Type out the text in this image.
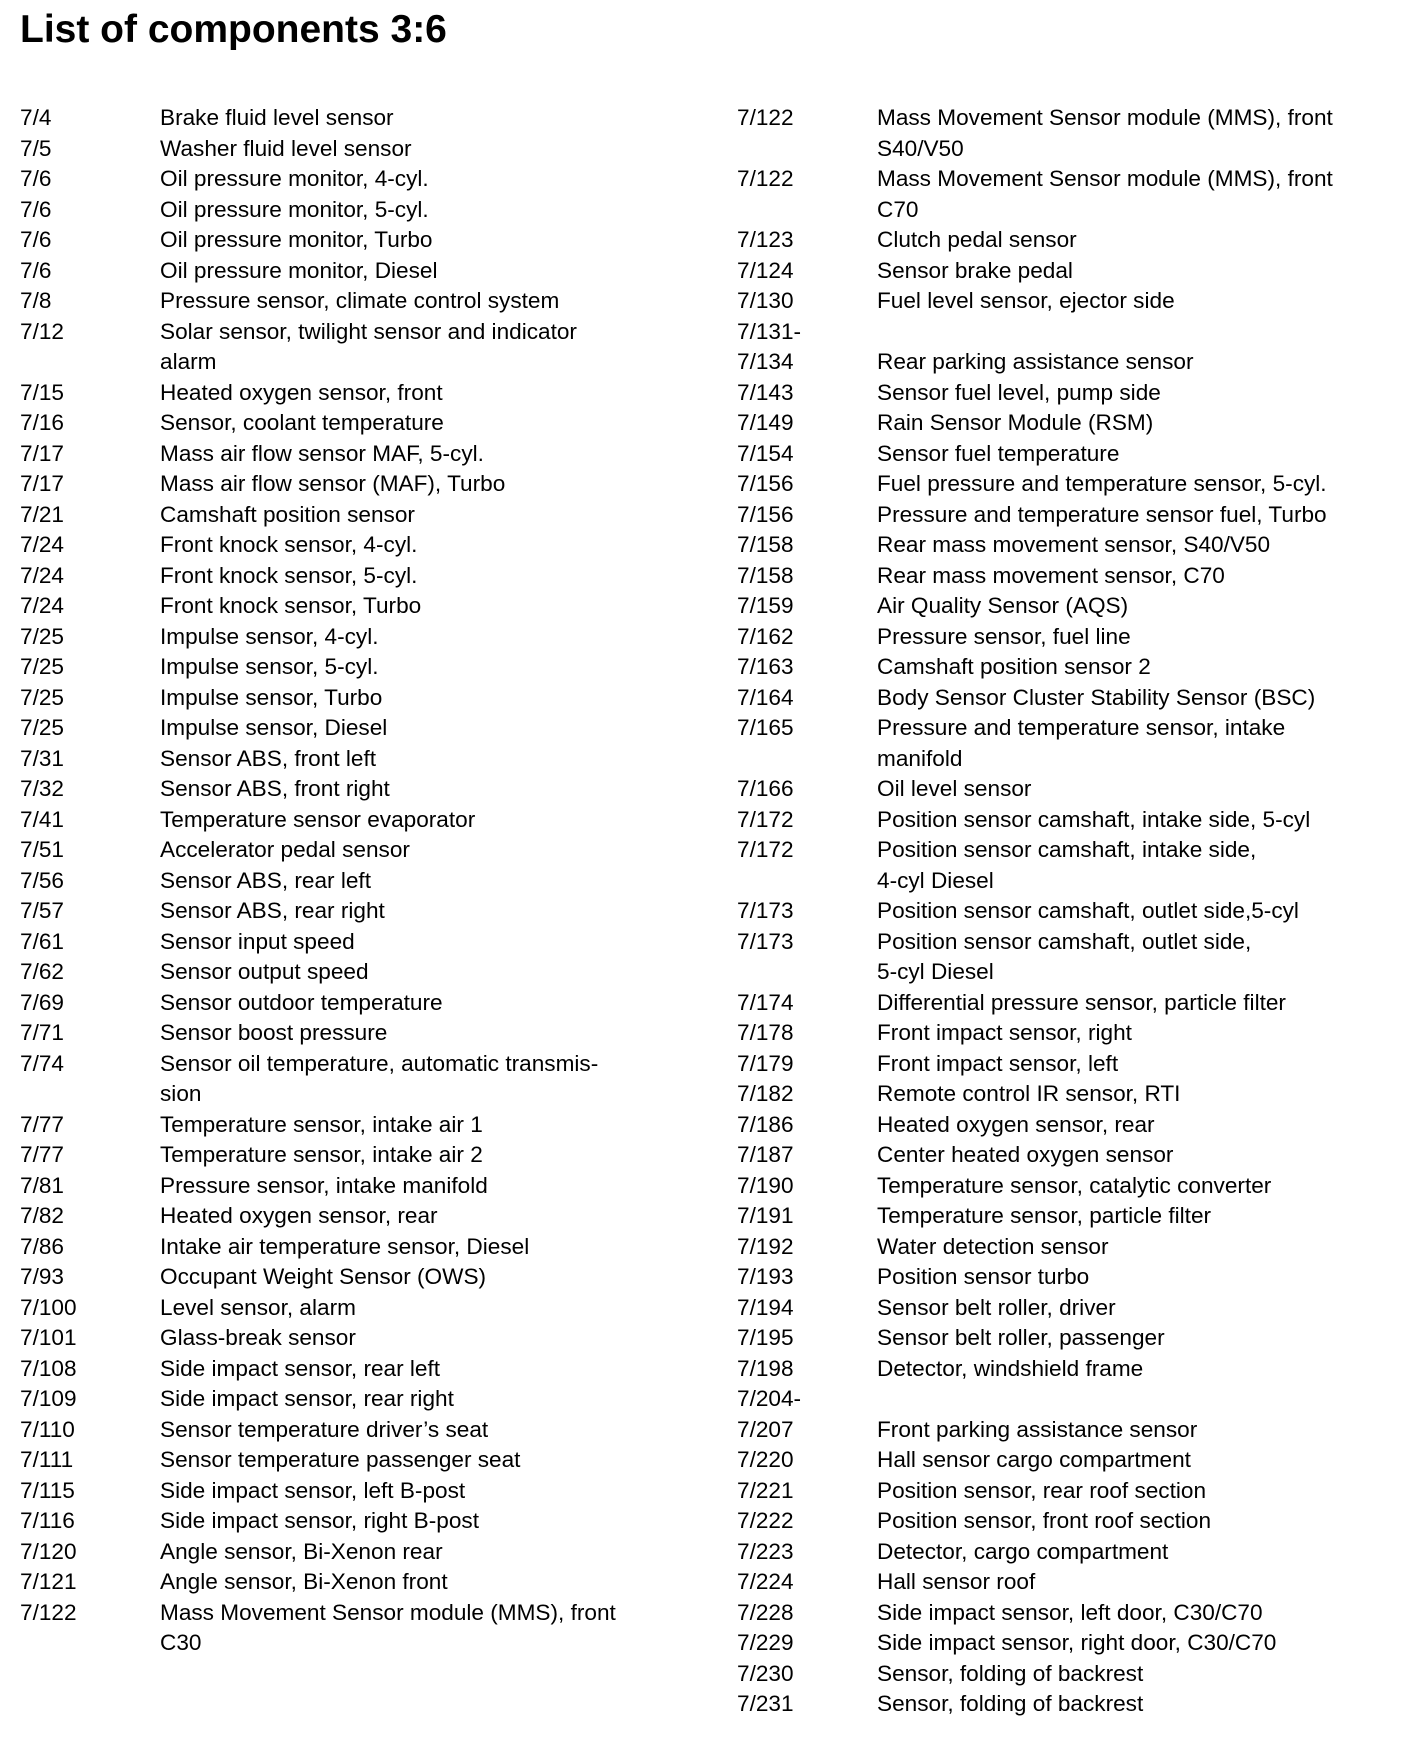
List of components 3:6
7/4	Brake fluid level sensor
7/5	Washer fluid level sensor
7/6	Oil pressure monitor, 4-cyl.
7/6	Oil pressure monitor, 5-cyl.
7/6	Oil pressure monitor, Turbo
7/6	Oil pressure monitor, Diesel
7/8	Pressure sensor, climate control system
7/12	Solar sensor, twilight sensor and indicator
alarm
7/15	Heated oxygen sensor, front
7/16	Sensor, coolant temperature
7/17	Mass air flow sensor MAF, 5-cyl.
7/17	Mass air flow sensor (MAF), Turbo
7/21	Camshaft position sensor
7/24	Front knock sensor, 4-cyl.
7/24	Front knock sensor, 5-cyl.
7/24	Front knock sensor, Turbo
7/25	Impulse sensor, 4-cyl.
7/25	Impulse sensor, 5-cyl.
7/25	Impulse sensor, Turbo
7/25	Impulse sensor, Diesel
7/31	Sensor ABS, front left
7/32	Sensor ABS, front right
7/41	Temperature sensor evaporator
7/51	Accelerator pedal sensor
7/56	Sensor ABS, rear left
7/57	Sensor ABS, rear right
7/61	Sensor input speed
7/62	Sensor output speed
7/69	Sensor outdoor temperature
7/71	Sensor boost pressure
7/74	Sensor oil temperature, automatic transmis-
sion
7/77	Temperature sensor, intake air 1
7/77	Temperature sensor, intake air 2
7/81	Pressure sensor, intake manifold
7/82	Heated oxygen sensor, rear
7/86	Intake air temperature sensor, Diesel
7/93	Occupant Weight Sensor (OWS)
7/100	Level sensor, alarm
7/101	Glass-break sensor
7/108	Side impact sensor, rear left
7/109	Side impact sensor, rear right
7/110	Sensor temperature driver’s seat
7/111	Sensor temperature passenger seat
7/115	Side impact sensor, left B-post
7/116	Side impact sensor, right B-post
7/120	Angle sensor, Bi-Xenon rear
7/121	Angle sensor, Bi-Xenon front
7/122	Mass Movement Sensor module (MMS), front
C30
7/122	Mass Movement Sensor module (MMS), front
S40/V50
7/122	Mass Movement Sensor module (MMS), front
C70
7/123	Clutch pedal sensor
7/124	Sensor brake pedal
7/130	Fuel level sensor, ejector side
7/131-
7/134	Rear parking assistance sensor
7/143	Sensor fuel level, pump side
7/149	Rain Sensor Module (RSM)
7/154	Sensor fuel temperature
7/156	Fuel pressure and temperature sensor, 5-cyl.
7/156	Pressure and temperature sensor fuel, Turbo
7/158	Rear mass movement sensor, S40/V50
7/158	Rear mass movement sensor, C70
7/159	Air Quality Sensor (AQS)
7/162	Pressure sensor, fuel line
7/163	Camshaft position sensor 2
7/164	Body Sensor Cluster Stability Sensor (BSC)
7/165	Pressure and temperature sensor, intake
manifold
7/166	Oil level sensor
7/172	Position sensor camshaft, intake side, 5-cyl
7/172	Position sensor camshaft, intake side,
4-cyl Diesel
7/173	Position sensor camshaft, outlet side,5-cyl
7/173	Position sensor camshaft, outlet side,
5-cyl Diesel
7/174	Differential pressure sensor, particle filter
7/178	Front impact sensor, right
7/179	Front impact sensor, left
7/182	Remote control IR sensor, RTI
7/186	Heated oxygen sensor, rear
7/187	Center heated oxygen sensor
7/190	Temperature sensor, catalytic converter
7/191	Temperature sensor, particle filter
7/192	Water detection sensor
7/193	Position sensor turbo
7/194	Sensor belt roller, driver
7/195	Sensor belt roller, passenger
7/198	Detector, windshield frame
7/204-
7/207	Front parking assistance sensor
7/220	Hall sensor cargo compartment
7/221	Position sensor, rear roof section
7/222	Position sensor, front roof section
7/223	Detector, cargo compartment
7/224	Hall sensor roof
7/228	Side impact sensor, left door, C30/C70
7/229	Side impact sensor, right door, C30/C70
7/230	Sensor, folding of backrest
7/231	Sensor, folding of backrest
